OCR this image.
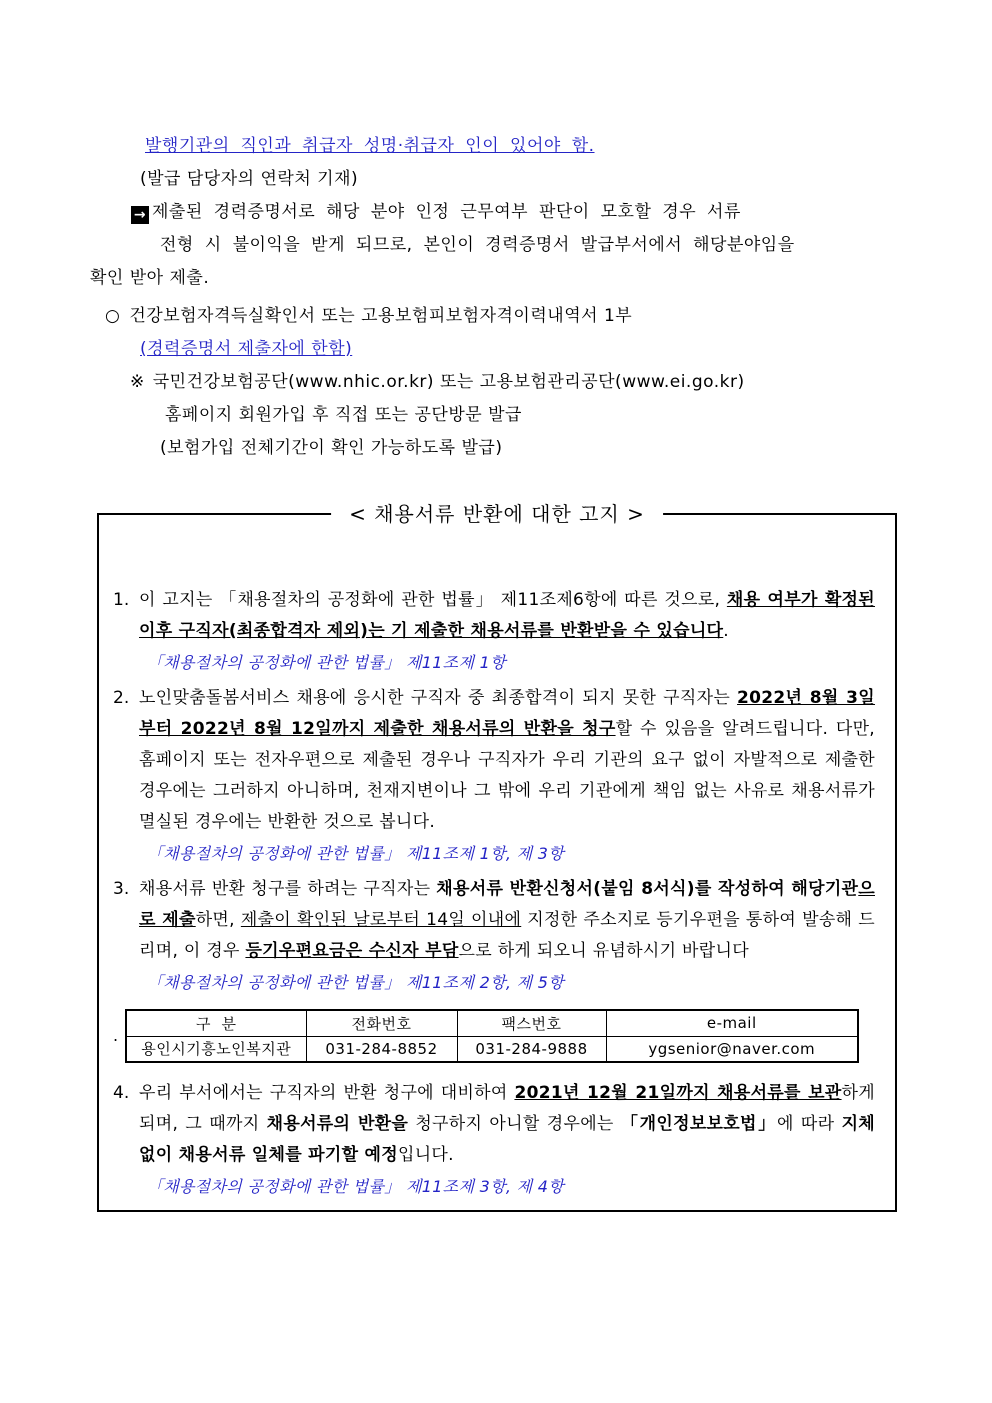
발행기관의 직인과 취급자 성명·취급자 인이 있어야 함.
(발급 담당자의 연락처 기재)
→ 제출된 경력증명서로 해당 분야 인정 근무여부 판단이 모호할 경우 서류
전형 시 불이익을 받게 되므로, 본인이 경력증명서 발급부서에서 해당분야임을
확인 받아 제출.
○ 건강보험자격득실확인서 또는 고용보험피보험자격이력내역서 1부
(경력증명서 제출자에 한함)
※ 국민건강보험공단(www.nhic.or.kr) 또는 고용보험관리공단(www.ei.go.kr)
홈페이지 회원가입 후 직접 또는 공단방문 발급
(보험가입 전체기간이 확인 가능하도록 발급)
< 채용서류 반환에 대한 고지 >
1. 이 고지는 「채용절차의 공정화에 관한 법률」 제11조제6항에 따른 것으로, 채용 여부가 확정된 이후 구직자(최종합격자 제외)는 기 제출한 채용서류를 반환받을 수 있습니다.

「채용절차의 공정화에 관한 법률」 제11조제 1항

2. 노인맞춤돌봄서비스 채용에 응시한 구직자 중 최종합격이 되지 못한 구직자는 2022년 8월 3일부터 2022년 8월 12일까지 제출한 채용서류의 반환을 청구할 수 있음을 알려드립니다. 다만, 홈페이지 또는 전자우편으로 제출된 경우나 구직자가 우리 기관의 요구 없이 자발적으로 제출한 경우에는 그러하지 아니하며, 천재지변이나 그 밖에 우리 기관에게 책임 없는 사유로 채용서류가 멸실된 경우에는 반환한 것으로 봅니다.

「채용절차의 공정화에 관한 법률」 제11조제 1항, 제 3항

3. 채용서류 반환 청구를 하려는 구직자는 채용서류 반환신청서(붙임 8서식)를 작성하여 해당기관으로 제출하면, 제출이 확인된 날로부터 14일 이내에 지정한 주소지로 등기우편을 통하여 발송해 드리며, 이 경우 등기우편요금은 수신자 부담으로 하게 되오니 유념하시기 바랍니다

「채용절차의 공정화에 관한 법률」 제11조제 2항, 제 5항

.
구  분	전화번호	팩스번호	e-mail
용인시기흥노인복지관	031-284-8852	031-284-9888	ygsenior@naver.com
4. 우리 부서에서는 구직자의 반환 청구에 대비하여 2021년 12월 21일까지 채용서류를 보관하게 되며, 그 때까지 채용서류의 반환을 청구하지 아니할 경우에는 「개인정보보호법」에 따라 지체 없이 채용서류 일체를 파기할 예정입니다.

「채용절차의 공정화에 관한 법률」 제11조제 3항, 제 4항
